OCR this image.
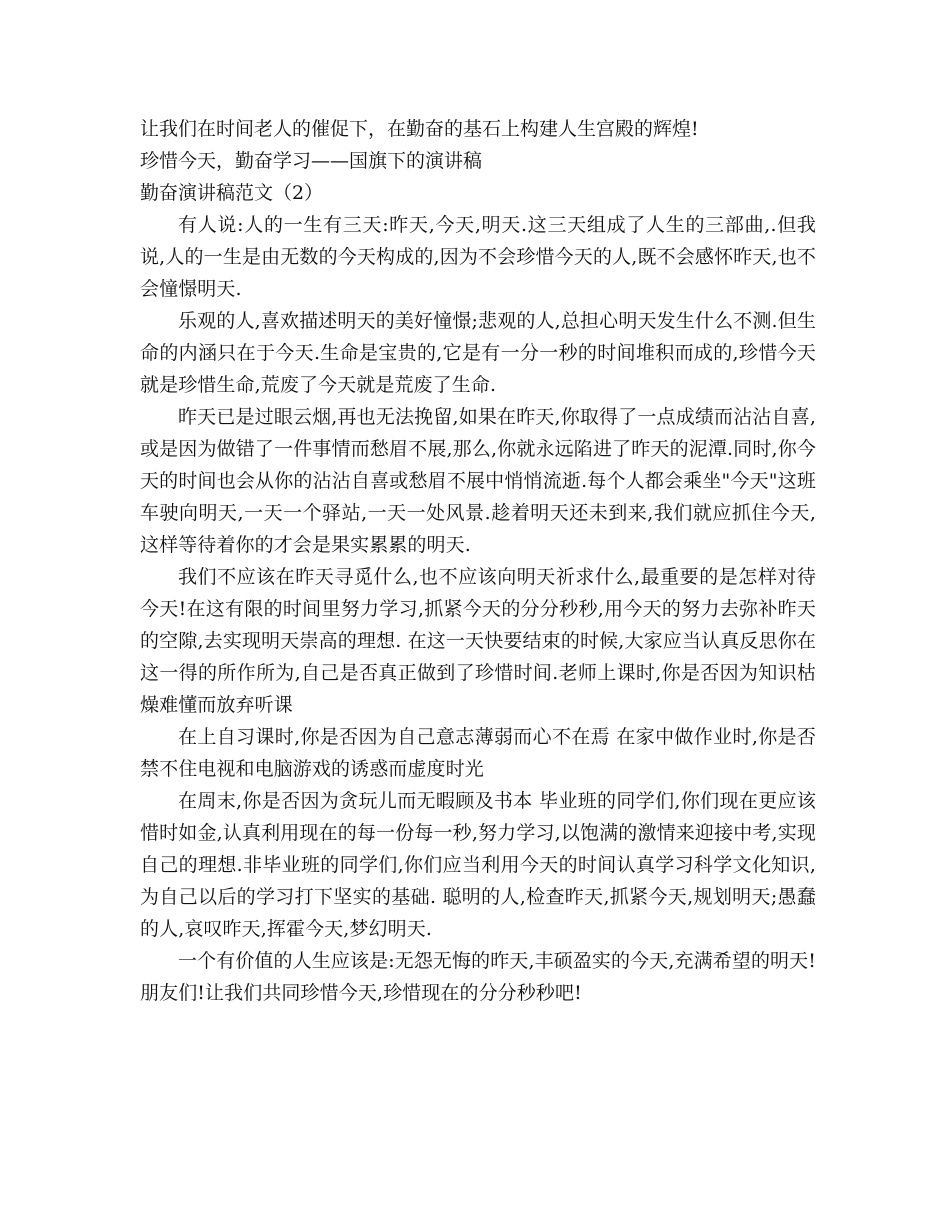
让我们在时间老人的催促下，在勤奋的基石上构建人生宫殿的辉煌!
珍惜今天，勤奋学习——国旗下的演讲稿
勤奋演讲稿范文（2）

有人说:人的一生有三天:昨天,今天,明天.这三天组成了人生的三部曲,.但我说,人的一生是由无数的今天构成的,因为不会珍惜今天的人,既不会感怀昨天,也不会憧憬明天.

乐观的人,喜欢描述明天的美好憧憬;悲观的人,总担心明天发生什么不测.但生命的内涵只在于今天.生命是宝贵的,它是有一分一秒的时间堆积而成的,珍惜今天就是珍惜生命,荒废了今天就是荒废了生命.

昨天已是过眼云烟,再也无法挽留,如果在昨天,你取得了一点成绩而沾沾自喜,或是因为做错了一件事情而愁眉不展,那么,你就永远陷进了昨天的泥潭.同时,你今天的时间也会从你的沾沾自喜或愁眉不展中悄悄流逝.每个人都会乘坐"今天"这班车驶向明天,一天一个驿站,一天一处风景.趁着明天还未到来,我们就应抓住今天,这样等待着你的才会是果实累累的明天.

我们不应该在昨天寻觅什么,也不应该向明天祈求什么,最重要的是怎样对待今天!在这有限的时间里努力学习,抓紧今天的分分秒秒,用今天的努力去弥补昨天的空隙,去实现明天崇高的理想. 在这一天快要结束的时候,大家应当认真反思你在这一得的所作所为,自己是否真正做到了珍惜时间.老师上课时,你是否因为知识枯燥难懂而放弃听课

在上自习课时,你是否因为自己意志薄弱而心不在焉 在家中做作业时,你是否禁不住电视和电脑游戏的诱惑而虚度时光

在周末,你是否因为贪玩儿而无暇顾及书本 毕业班的同学们,你们现在更应该惜时如金,认真利用现在的每一份每一秒,努力学习,以饱满的激情来迎接中考,实现自己的理想.非毕业班的同学们,你们应当利用今天的时间认真学习科学文化知识,为自己以后的学习打下坚实的基础. 聪明的人,检查昨天,抓紧今天,规划明天;愚蠢的人,哀叹昨天,挥霍今天,梦幻明天.

一个有价值的人生应该是:无怨无悔的昨天,丰硕盈实的今天,充满希望的明天!朋友们!让我们共同珍惜今天,珍惜现在的分分秒秒吧!
